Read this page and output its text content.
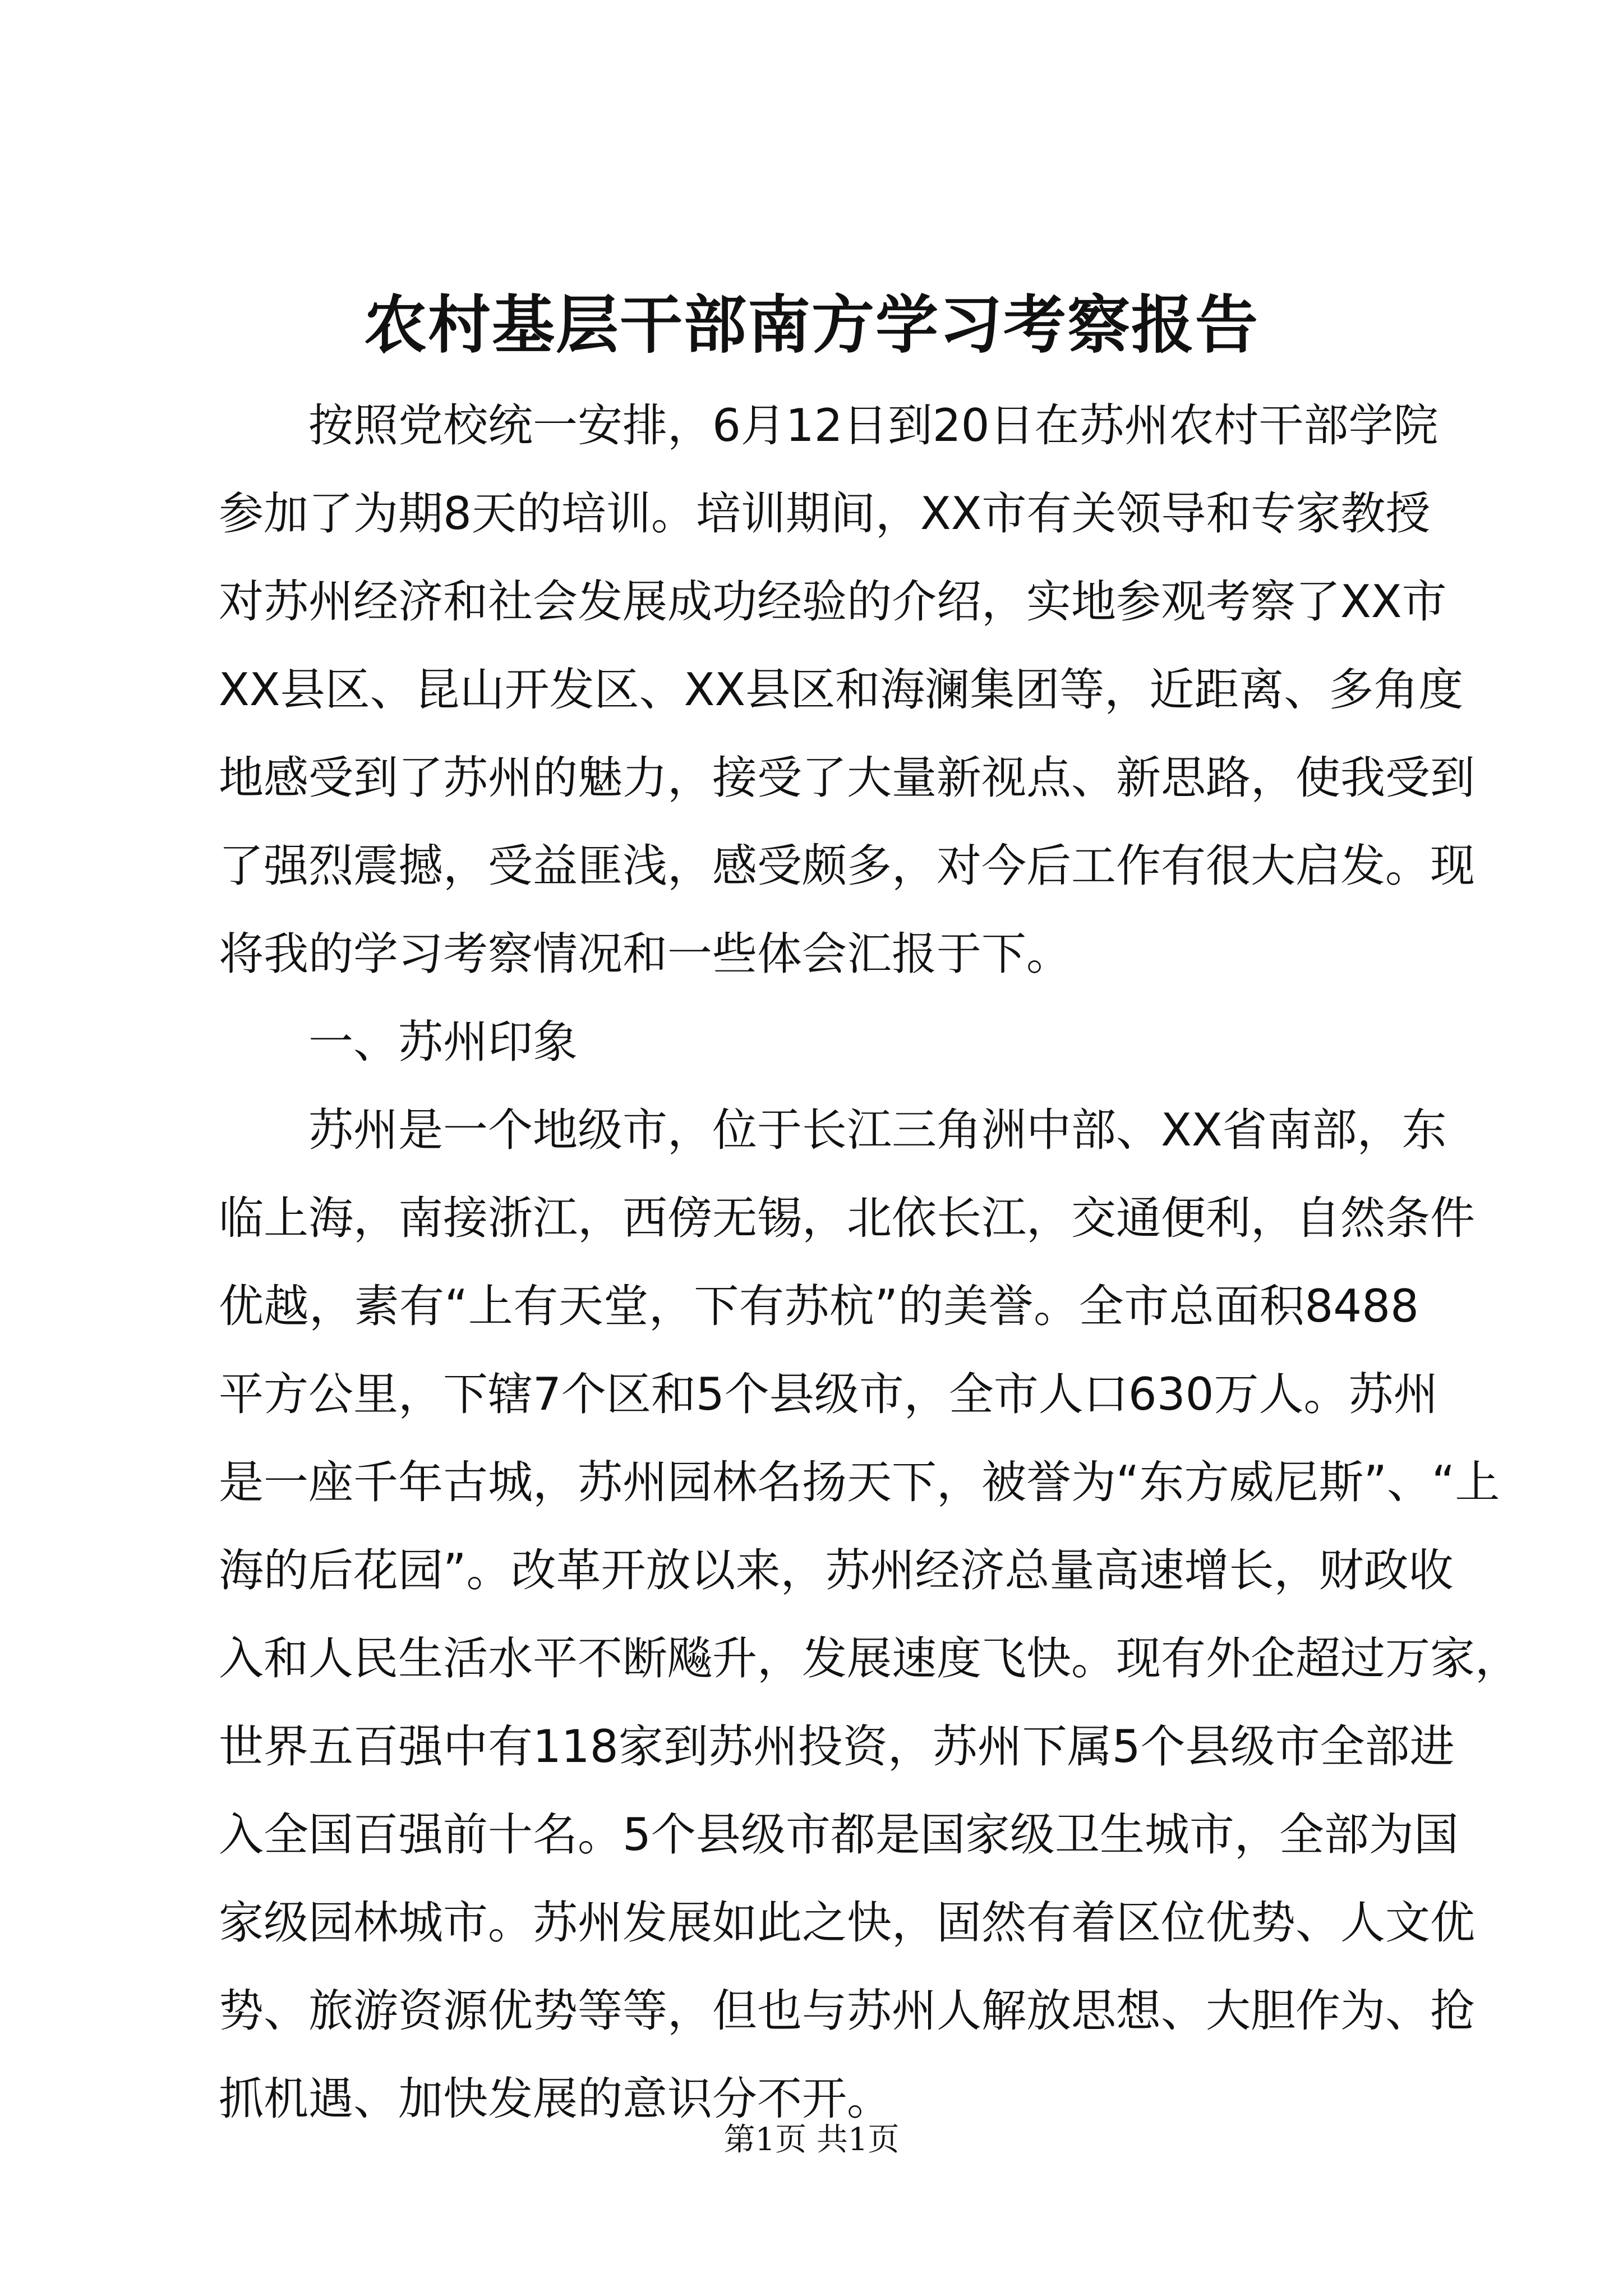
农村基层干部南方学习考察报告
　　按照党校统一安排，6月12日到20日在苏州农村干部学院
参加了为期8天的培训。培训期间，XX市有关领导和专家教授
对苏州经济和社会发展成功经验的介绍，实地参观考察了XX市
XX县区、昆山开发区、XX县区和海澜集团等，近距离、多角度
地感受到了苏州的魅力，接受了大量新视点、新思路，使我受到
了强烈震撼，受益匪浅，感受颇多，对今后工作有很大启发。现
将我的学习考察情况和一些体会汇报于下。
　　一、苏州印象
　　苏州是一个地级市，位于长江三角洲中部、XX省南部，东
临上海，南接浙江，西傍无锡，北依长江，交通便利，自然条件
优越，素有“上有天堂，下有苏杭”的美誉。全市总面积8488
平方公里，下辖7个区和5个县级市，全市人口630万人。苏州
是一座千年古城，苏州园林名扬天下，被誉为“东方威尼斯”、“上
海的后花园”。改革开放以来，苏州经济总量高速增长，财政收
入和人民生活水平不断飚升，发展速度飞快。现有外企超过万家，
世界五百强中有118家到苏州投资，苏州下属5个县级市全部进
入全国百强前十名。5个县级市都是国家级卫生城市，全部为国
家级园林城市。苏州发展如此之快，固然有着区位优势、人文优
势、旅游资源优势等等，但也与苏州人解放思想、大胆作为、抢
抓机遇、加快发展的意识分不开。
第1页 共1页
